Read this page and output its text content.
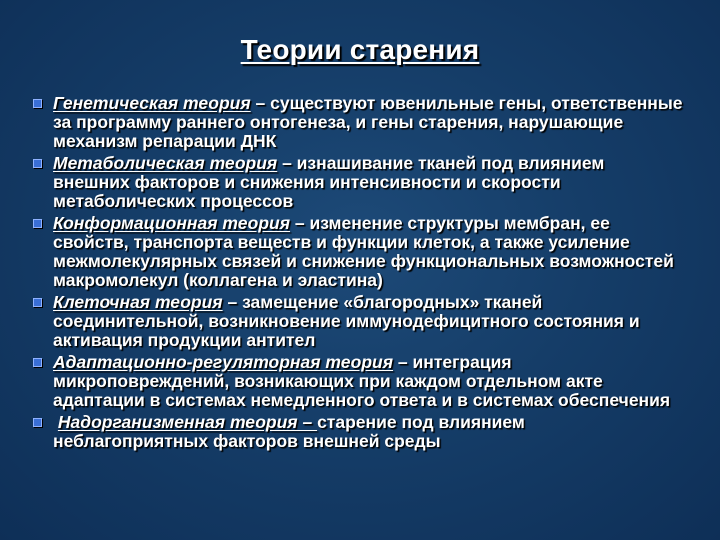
Теории старения
Генетическая теория – существуют ювенильные гены, ответственные за программу раннего онтогенеза, и гены старения, нарушающие механизм репарации ДНК
Метаболическая теория – изнашивание тканей под влиянием внешних факторов и снижения интенсивности и скорости метаболических процессов
Конформационная теория – изменение структуры мембран, ее свойств, транспорта веществ и функции клеток, а также усиление межмолекулярных связей и снижение функциональных возможностей макромолекул (коллагена и эластина)
Клеточная теория – замещение «благородных» тканей соединительной, возникновение иммунодефицитного состояния и активация продукции антител
Адаптационно-регуляторная теория – интеграция микроповреждений, возникающих при каждом отдельном акте адаптации в системах немедленного ответа и в системах обеспечения
Надорганизменная теория – старение под влиянием неблагоприятных факторов внешней среды
